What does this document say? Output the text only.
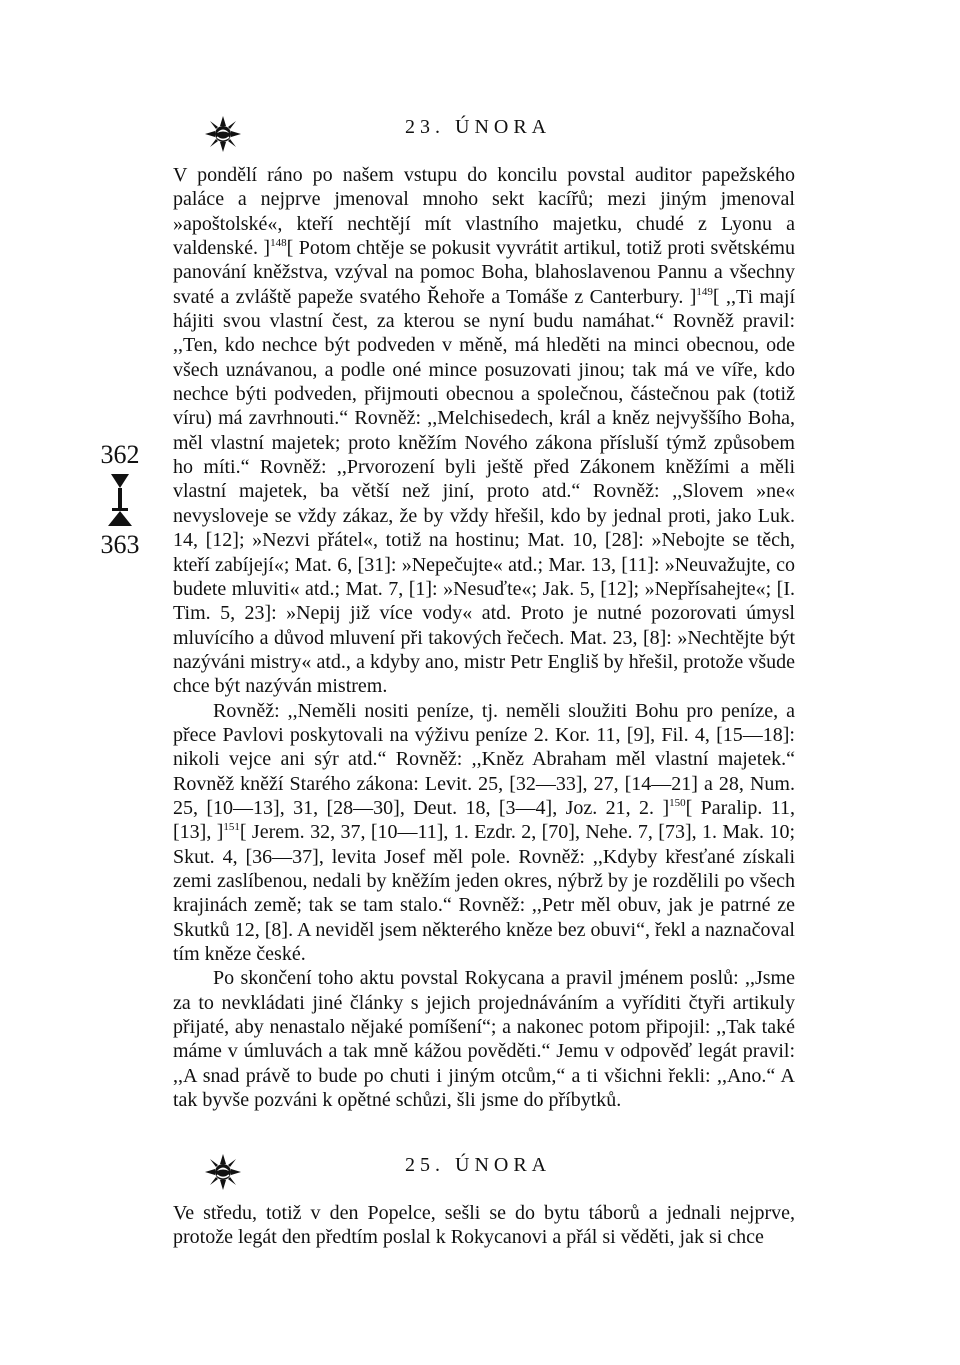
23. ÚNORA

V pondělí ráno po našem vstupu do koncilu povstal auditor papežského paláce a nejprve jmenoval mnoho sekt kacířů; mezi jiným jmenoval »apoštolské«, kteří nechtějí mít vlastního majetku, chudé z Lyonu a valdenské. ]$^{148}$[ Potom chtěje se pokusit vyvrátit artikul, totiž proti světskému panování kněžstva, vzýval na pomoc Boha, blahoslavenou Pannu a všechny svaté a zvláště papeže svatého Řehoře a Tomáše z Canterbury. ]$^{149}$[ ,,Ti mají hájiti svou vlastní čest, za kterou se nyní budu namáhat.“ Rovněž pravil: ,,Ten, kdo nechce být podveden v měně, má hleděti na minci obecnou, ode všech uznávanou, a podle oné mince posuzovati jinou; tak má ve víře, kdo nechce býti podveden, přijmouti obecnou a společnou, částečnou pak (totiž víru) má zavrhnouti.“ Rovněž: ,,Melchisedech, král a kněz nejvyššího Boha, měl vlastní majetek; proto kněžím Nového zákona přísluší týmž způsobem ho míti.“ Rovněž: ,,Prvorození byli ještě před Zákonem kněžími a měli vlastní majetek, ba větší než jiní, proto atd.“ Rovněž: ,,Slovem »ne« nevysloveje se vždy zákaz, že by vždy hřešil, kdo by jednal proti, jako Luk. 14, [12]; »Nezvi přátel«, totiž na hostinu; Mat. 10, [28]: »Nebojte se těch, kteří zabíjejí«; Mat. 6, [31]: »Nepečujte« atd.; Mar. 13, [11]: »Neuvažujte, co budete mluviti« atd.; Mat. 7, [1]: »Nesuďte«; Jak. 5, [12]; »Nepřísahejte«; [I. Tim. 5, 23]: »Nepij již více vody« atd. Proto je nutné pozorovati úmysl mluvícího a důvod mluvení při takových řečech. Mat. 23, [8]: »Nechtějte být nazýváni mistry« atd., a kdyby ano, mistr Petr Engliš by hřešil, protože všude chce být nazýván mistrem.

Rovněž: ,,Neměli nositi peníze, tj. neměli sloužiti Bohu pro peníze, a přece Pavlovi poskytovali na výživu peníze 2. Kor. 11, [9], Fil. 4, [15—18]: nikoli vejce ani sýr atd.“ Rovněž: ,,Kněz Abraham měl vlastní majetek.“ Rovněž kněží Starého zákona: Levit. 25, [32—33], 27, [14—21] a 28, Num. 25, [10—13], 31, [28—30], Deut. 18, [3—4], Joz. 21, 2. ]$^{150}$[ Paralip. 11, [13], ]$^{151}$[ Jerem. 32, 37, [10—11], 1. Ezdr. 2, [70], Nehe. 7, [73], 1. Mak. 10; Skut. 4, [36—37], levita Josef měl pole. Rovněž: ,,Kdyby křesťané získali zemi zaslíbenou, nedali by kněžím jeden okres, nýbrž by je rozdělili po všech krajinách země; tak se tam stalo.“ Rovněž: ,,Petr měl obuv, jak je patrné ze Skutků 12, [8]. A neviděl jsem některého kněze bez obuvi“, řekl a naznačoval tím kněze české.

Po skončení toho aktu povstal Rokycana a pravil jménem poslů: ,,Jsme za to nevkládati jiné články s jejich projednáváním a vyříditi čtyři artikuly přijaté, aby nenastalo nějaké pomíšení“; a nakonec potom připojil: ,,Tak také máme v úmluvách a tak mně kážou pověděti.“ Jemu v odpověď legát pravil: ,,A snad právě to bude po chuti i jiným otcům,“ a ti všichni řekli: ,,Ano.“ A tak byvše pozváni k opětné schůzi, šli jsme do příbytků.

362
363
25. ÚNORA

Ve středu, totiž v den Popelce, sešli se do bytu táborů a jednali nejprve, protože legát den předtím poslal k Rokycanovi a přál si věděti, jak si chce
